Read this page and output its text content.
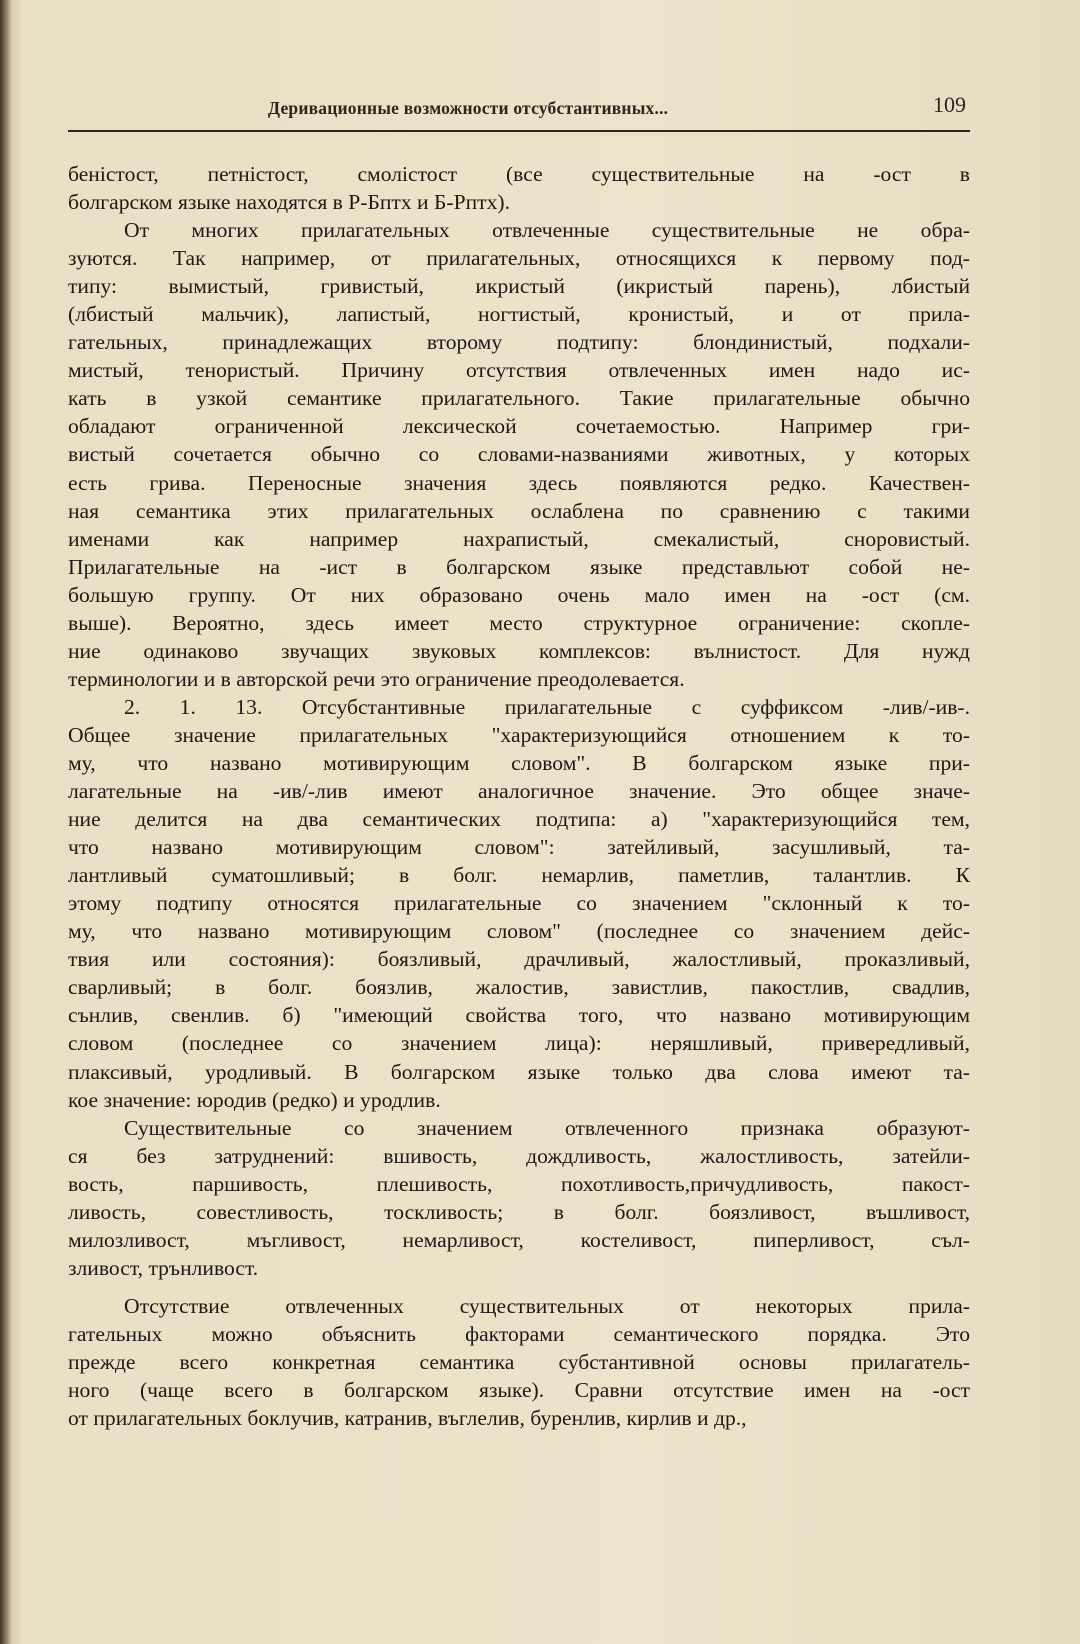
Деривационные возможности отсубстантивных...	109

беністост, петністост, смолістост (все существительные на -ост в
болгарском языке находятся в Р-Бптх и Б-Рптх).

От многих прилагательных отвлеченные существительные не обра-
зуются. Так например, от прилагательных, относящихся к первому под-
типу: вымистый, гривистый, икристый (икристый парень), лбистый
(лбистый мальчик), лапистый, ногтистый, кронистый, и от прила-
гательных, принадлежащих второму подтипу: блондинистый, подхали-
мистый, тенористый. Причину отсутствия отвлеченных имен надо ис-
кать в узкой семантике прилагательного. Такие прилагательные обычно
обладают ограниченной лексической сочетаемостью. Например гри-
вистый сочетается обычно со словами-названиями животных, у которых
есть грива. Переносные значения здесь появляются редко. Качествен-
ная семантика этих прилагательных ослаблена по сравнению с такими
именами как например нахрапистый, смекалистый, сноровистый.
Прилагательные на -ист в болгарском языке представльют собой не-
большую группу. От них образовано очень мало имен на -ост (см.
выше). Вероятно, здесь имеет место структурное ограничение: скопле-
ние одинаково звучащих звуковых комплексов: вълнистост. Для нужд
терминологии и в авторской речи это ограничение преодолевается.

2. 1. 13. Отсубстантивные прилагательные с суффиксом -лив/-ив-.
Общее значение прилагательных "характеризующийся отношением к то-
му, что названо мотивирующим словом". В болгарском языке при-
лагательные на -ив/-лив имеют аналогичное значение. Это общее значе-
ние делится на два семантических подтипа: а) "характеризующийся тем,
что названо мотивирующим словом": затейливый, засушливый, та-
лантливый суматошливый; в болг. немарлив, паметлив, талантлив. К
этому подтипу относятся прилагательные со значением "склонный к то-
му, что названо мотивирующим словом" (последнее со значением дейс-
твия или состояния): боязливый, драчливый, жалостливый, проказливый,
сварливый; в болг. боязлив, жалостив, завистлив, пакостлив, свадлив,
сънлив, свенлив. б) "имеющий свойства того, что названо мотивирующим
словом (последнее со значением лица): неряшливый, привередливый,
плаксивый, уродливый. В болгарском языке только два слова имеют та-
кое значение: юродив (редко) и уродлив.

Существительные со значением отвлеченного признака образуют-
ся без затруднений: вшивость, дождливость, жалостливость, затейли-
вость, паршивость, плешивость, похотливость,причудливость, пакост-
ливость, совестливость, тоскливость; в болг. боязливост, въшливост,
милозливост, мъгливост, немарливост, костеливост, пиперливост, съл-
зливост, трънливост.

Отсутствие отвлеченных существительных от некоторых прила-
гательных можно объяснить факторами семантического порядка. Это
прежде всего конкретная семантика субстантивной основы прилагатель-
ного (чаще всего в болгарском языке). Сравни отсутствие имен на -ост
от прилагательных боклучив, катранив, въглелив, буренлив, кирлив и др.,
